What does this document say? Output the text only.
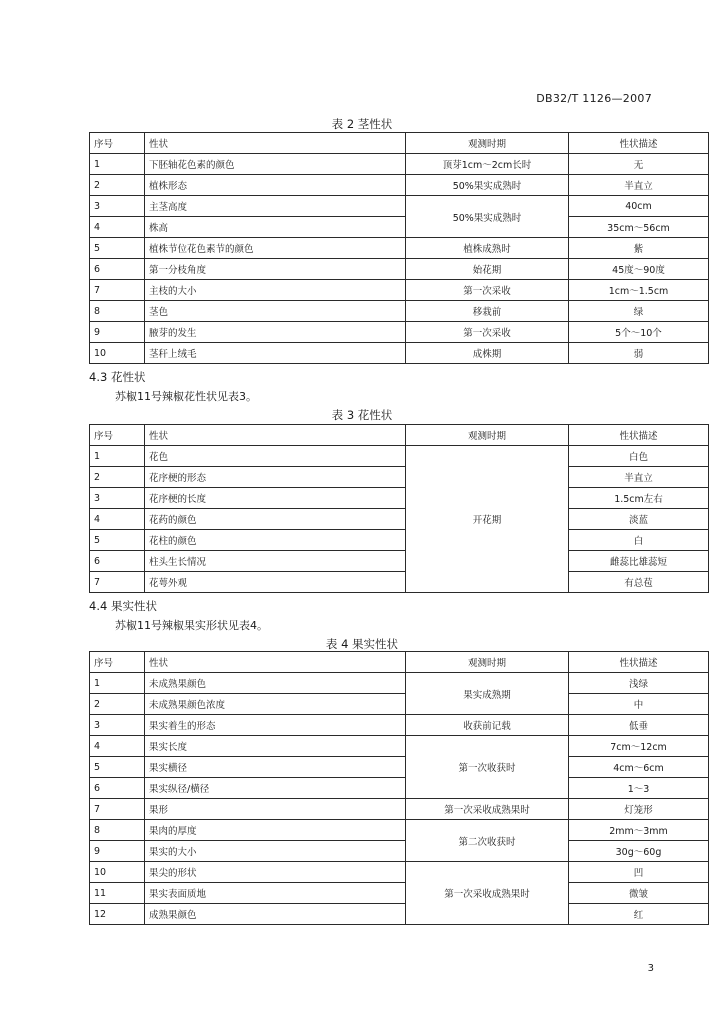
DB32/T 1126—2007
表 2 茎性状
序号	性状	观测时期	性状描述
1	下胚轴花色素的颜色	顶芽1cm～2cm长时	无
2	植株形态	50%果实成熟时	半直立
3	主茎高度	50%果实成熟时	40cm
4	株高		35cm～56cm
5	植株节位花色素节的颜色	植株成熟时	紫
6	第一分枝角度	始花期	45度～90度
7	主枝的大小	第一次采收	1cm～1.5cm
8	茎色	移栽前	绿
9	腋芽的发生	第一次采收	5个～10个
10	茎秆上绒毛	成株期	弱
4.3 花性状
苏椒11号辣椒花性状见表3。
表 3 花性状
序号	性状	观测时期	性状描述
1	花色	开花期	白色
2	花序梗的形态		半直立
3	花序梗的长度		1.5cm左右
4	花药的颜色		淡蓝
5	花柱的颜色		白
6	柱头生长情况		雌蕊比雄蕊短
7	花萼外观		有总苞
4.4 果实性状
苏椒11号辣椒果实形状见表4。
表 4 果实性状
序号	性状	观测时期	性状描述
1	未成熟果颜色	果实成熟期	浅绿
2	未成熟果颜色浓度		中
3	果实着生的形态	收获前记载	低垂
4	果实长度	第一次收获时	7cm～12cm
5	果实横径		4cm～6cm
6	果实纵径/横径		1～3
7	果形	第一次采收成熟果时	灯笼形
8	果肉的厚度	第二次收获时	2mm～3mm
9	果实的大小		30g～60g
10	果尖的形状	第一次采收成熟果时	凹
11	果实表面质地		微皱
12	成熟果颜色		红
3
